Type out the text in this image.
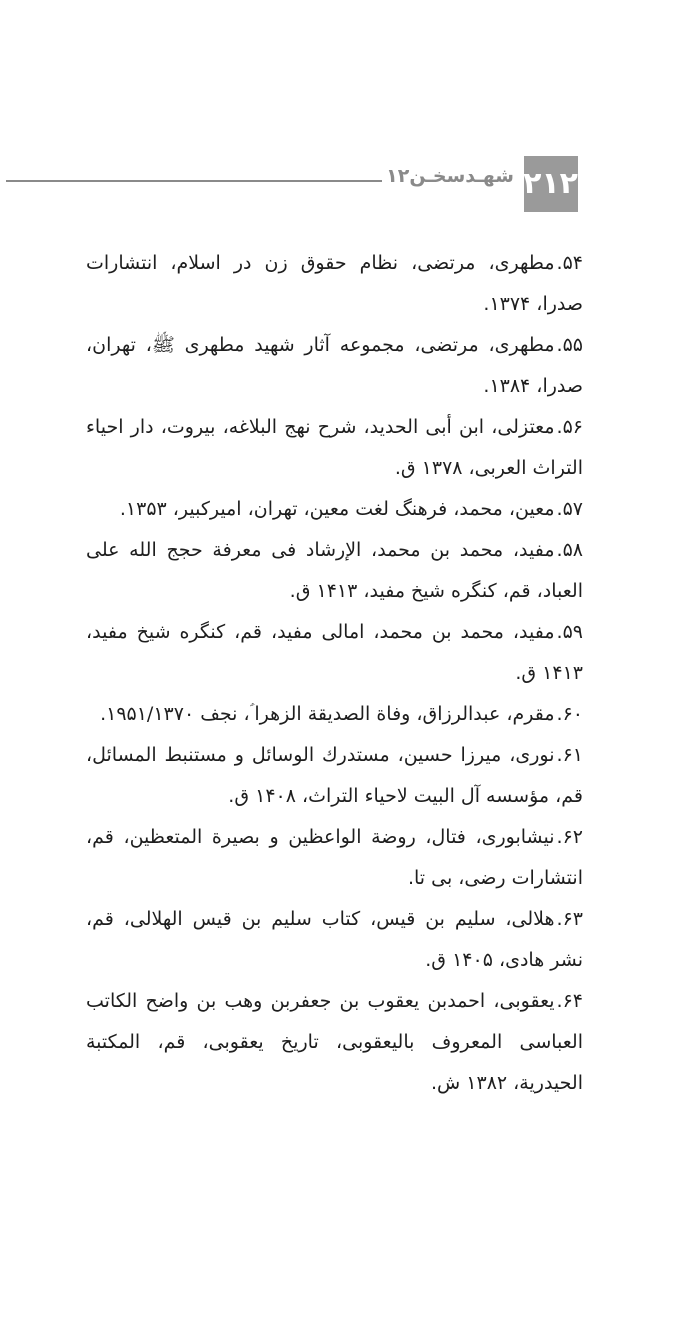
شهـدسخـن۱۲ ۲۱۲
۵۴.مطهری، مرتضی، نظام حقوق زن در اسلام، انتشارات صدرا، ۱۳۷۴.
۵۵.مطهری، مرتضی، مجموعه آثار شهید مطهری ﷺ، تهران، صدرا، ۱۳۸۴.
۵۶.معتزلی، ابن أبی الحدید، شرح نهج البلاغه، بیروت، دار احیاء التراث العربی، ۱۳۷۸ ق.
۵۷.معین، محمد، فرهنگ لغت معین، تهران، امیرکبیر، ۱۳۵۳.
۵۸.مفید، محمد بن محمد، الإرشاد فی معرفة حجج الله علی العباد، قم، کنگره شیخ مفید، ۱۴۱۳ ق.
۵۹.مفید، محمد بن محمد، امالی مفید، قم، کنگره شیخ مفید، ۱۴۱۳ ق.
۶۰.مقرم، عبدالرزاق، وفاة الصدیقة الزهرا ؑ، نجف ۱۹۵۱/۱۳۷۰.
۶۱.نوری، میرزا حسین، مستدرك الوسائل و مستنبط المسائل، قم، مؤسسه آل البیت لاحیاء التراث، ۱۴۰۸ ق.
۶۲.نیشابوری، فتال، روضة الواعظین و بصیرة المتعظین، قم، انتشارات رضی، بی تا.
۶۳.هلالی، سلیم بن قیس، کتاب سلیم بن قیس الهلالی، قم، نشر هادی، ۱۴۰۵ ق.
۶۴.یعقوبی، احمدبن یعقوب بن جعفربن وهب بن واضح الکاتب العباسی المعروف بالیعقوبی، تاریخ یعقوبی، قم، المکتبة الحیدریة، ۱۳۸۲ ش.
